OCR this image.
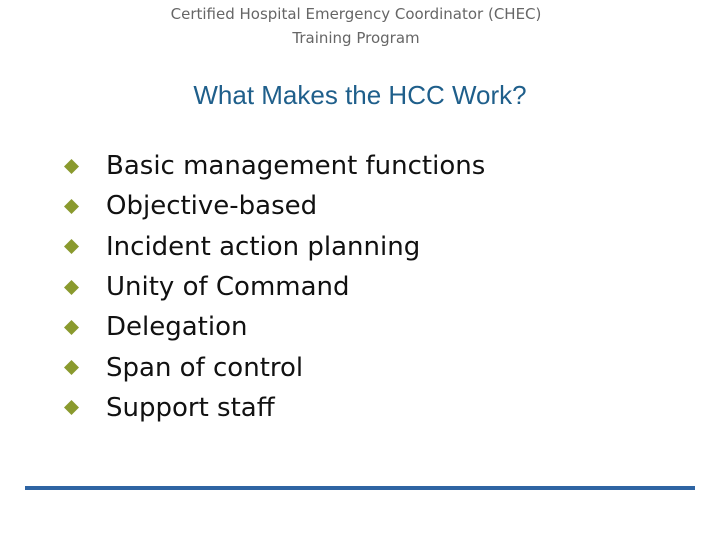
Certified Hospital Emergency Coordinator (CHEC)
Training Program
What Makes the HCC Work?
Basic management functions
Objective-based
Incident action planning
Unity of Command
Delegation
Span of control
Support staff
